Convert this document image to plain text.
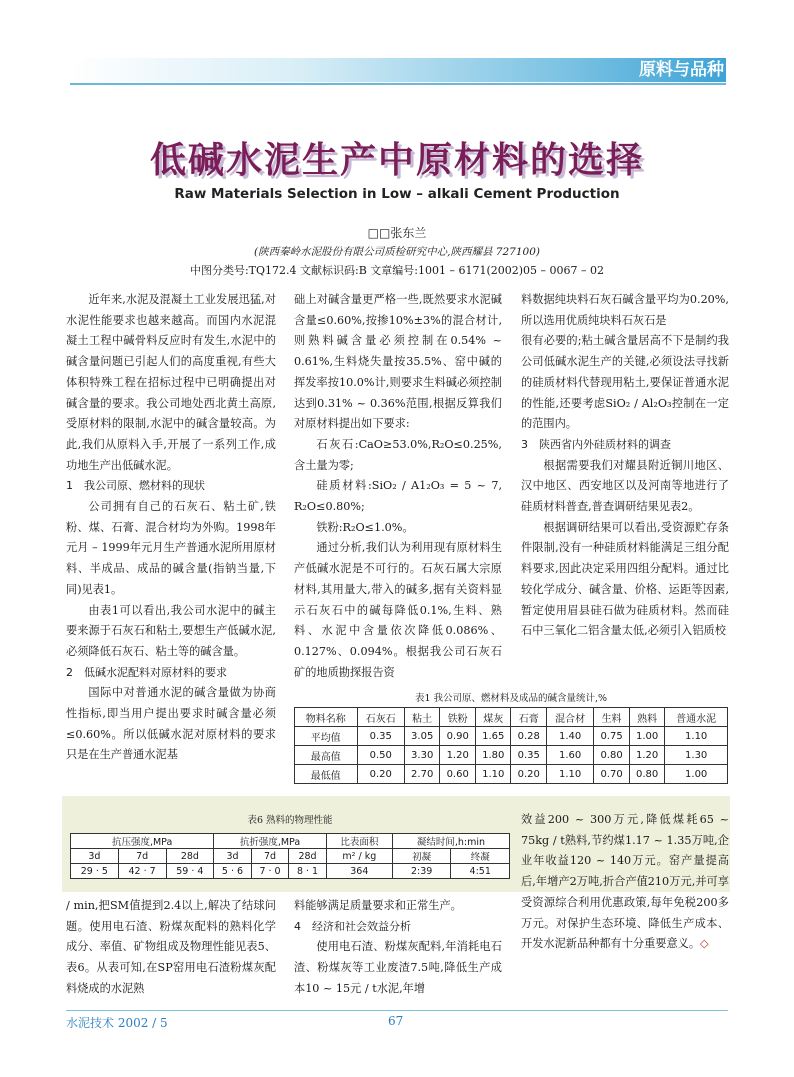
原料与品种
低碱水泥生产中原材料的选择
Raw Materials Selection in Low – alkali Cement Production
□□张东兰
(陕西秦岭水泥股份有限公司质检研究中心,陕西耀县 727100)
中图分类号:TQ172.4 文献标识码:B 文章编号:1001 – 6171(2002)05 – 0067 – 02

近年来,水泥及混凝土工业发展迅猛,对水泥性能要求也越来越高。而国内水泥混凝土工程中碱骨料反应时有发生,水泥中的碱含量问题已引起人们的高度重视,有些大体积特殊工程在招标过程中已明确提出对碱含量的要求。我公司地处西北黄土高原,受原材料的限制,水泥中的碱含量较高。为此,我们从原料入手,开展了一系列工作,成功地生产出低碱水泥。

1　我公司原、燃材料的现状

公司拥有自己的石灰石、粘土矿,铁粉、煤、石膏、混合材均为外购。1998年元月 – 1999年元月生产普通水泥所用原材料、半成品、成品的碱含量(指钠当量,下同)见表1。

由表1可以看出,我公司水泥中的碱主要来源于石灰石和粘土,要想生产低碱水泥,必须降低石灰石、粘土等的碱含量。

2　低碱水泥配料对原材料的要求

国际中对普通水泥的碱含量做为协商性指标,即当用户提出要求时碱含量必须≤0.60%。所以低碱水泥对原材料的要求只是在生产普通水泥基

础上对碱含量更严格一些,既然要求水泥碱含量≤0.60%,按掺10%±3%的混合材计,则熟料碱含量必须控制在0.54% ~ 0.61%,生料烧失量按35.5%、窑中碱的挥发率按10.0%计,则要求生料碱必须控制达到0.31% ~ 0.36%范围,根据反算我们对原材料提出如下要求:

石灰石:CaO≥53.0%,R₂O≤0.25%,含土量为零;

硅质材料:SiO₂ / A1₂O₃ = 5 ~ 7, R₂O≤0.80%;

铁粉:R₂O≤1.0%。

通过分析,我们认为利用现有原材料生产低碱水泥是不可行的。石灰石属大宗原材料,其用量大,带入的碱多,据有关资料显示石灰石中的碱每降低0.1%,生料、熟料、水泥中含量依次降低0.086%、0.127%、0.094%。根据我公司石灰石矿的地质勘探报告资

料数据纯块料石灰石碱含量平均为0.20%,所以选用优质纯块料石灰石是

很有必要的;粘土碱含量居高不下是制约我公司低碱水泥生产的关键,必须设法寻找新的硅质材料代替现用粘土,要保证普通水泥的性能,还要考虑SiO₂ / Al₂O₃控制在一定的范围内。

3　陕西省内外硅质材料的调查

根据需要我们对耀县附近铜川地区、汉中地区、西安地区以及河南等地进行了硅质材料普查,普查调研结果见表2。

根据调研结果可以看出,受资源贮存条件限制,没有一种硅质材料能满足三组分配料要求,因此决定采用四组分配料。通过比较化学成分、碱含量、价格、运距等因素,暂定使用眉县硅石做为硅质材料。然而硅石中三氧化二铝含量太低,必须引入铝质校

表1 我公司原、燃材料及成品的碱含量统计,%
物料名称	石灰石	粘土	铁粉	煤灰	石膏	混合材	生料	熟料	普通水泥
平均值	0.35	3.05	0.90	1.65	0.28	1.40	0.75	1.00	1.10
最高值	0.50	3.30	1.20	1.80	0.35	1.60	0.80	1.20	1.30
最低值	0.20	2.70	0.60	1.10	0.20	1.10	0.70	0.80	1.00
表6 熟料的物理性能
抗压强度,MPa			抗折强度,MPa			比表面积	凝结时间,h:min	
3d	7d	28d	3d	7d	28d	m² / kg	初凝	终凝
29 · 5	42 · 7	59 · 4	5 · 6	7 · 0	8 · 1	364	2:39	4:51

效益200 ~ 300万元,降低煤耗65 ~ 75kg / t熟料,节约煤1.17 ~ 1.35万吨,企业年收益120 ~ 140万元。窑产量提高后,年增产2万吨,折合产值210万元,并可享受资源综合利用优惠政策,每年免税200多万元。对保护生态环境、降低生产成本、开发水泥新品种都有十分重要意义。◇

/ min,把SM值提到2.4以上,解决了结球问题。使用电石渣、粉煤灰配料的熟料化学成分、率值、矿物组成及物理性能见表5、表6。从表可知,在SP窑用电石渣粉煤灰配料烧成的水泥熟

料能够满足质量要求和正常生产。

4　经济和社会效益分析

使用电石渣、粉煤灰配料,年消耗电石渣、粉煤灰等工业废渣7.5吨,降低生产成本10 ~ 15元 / t水泥,年增

水泥技术 2002 / 5	67
